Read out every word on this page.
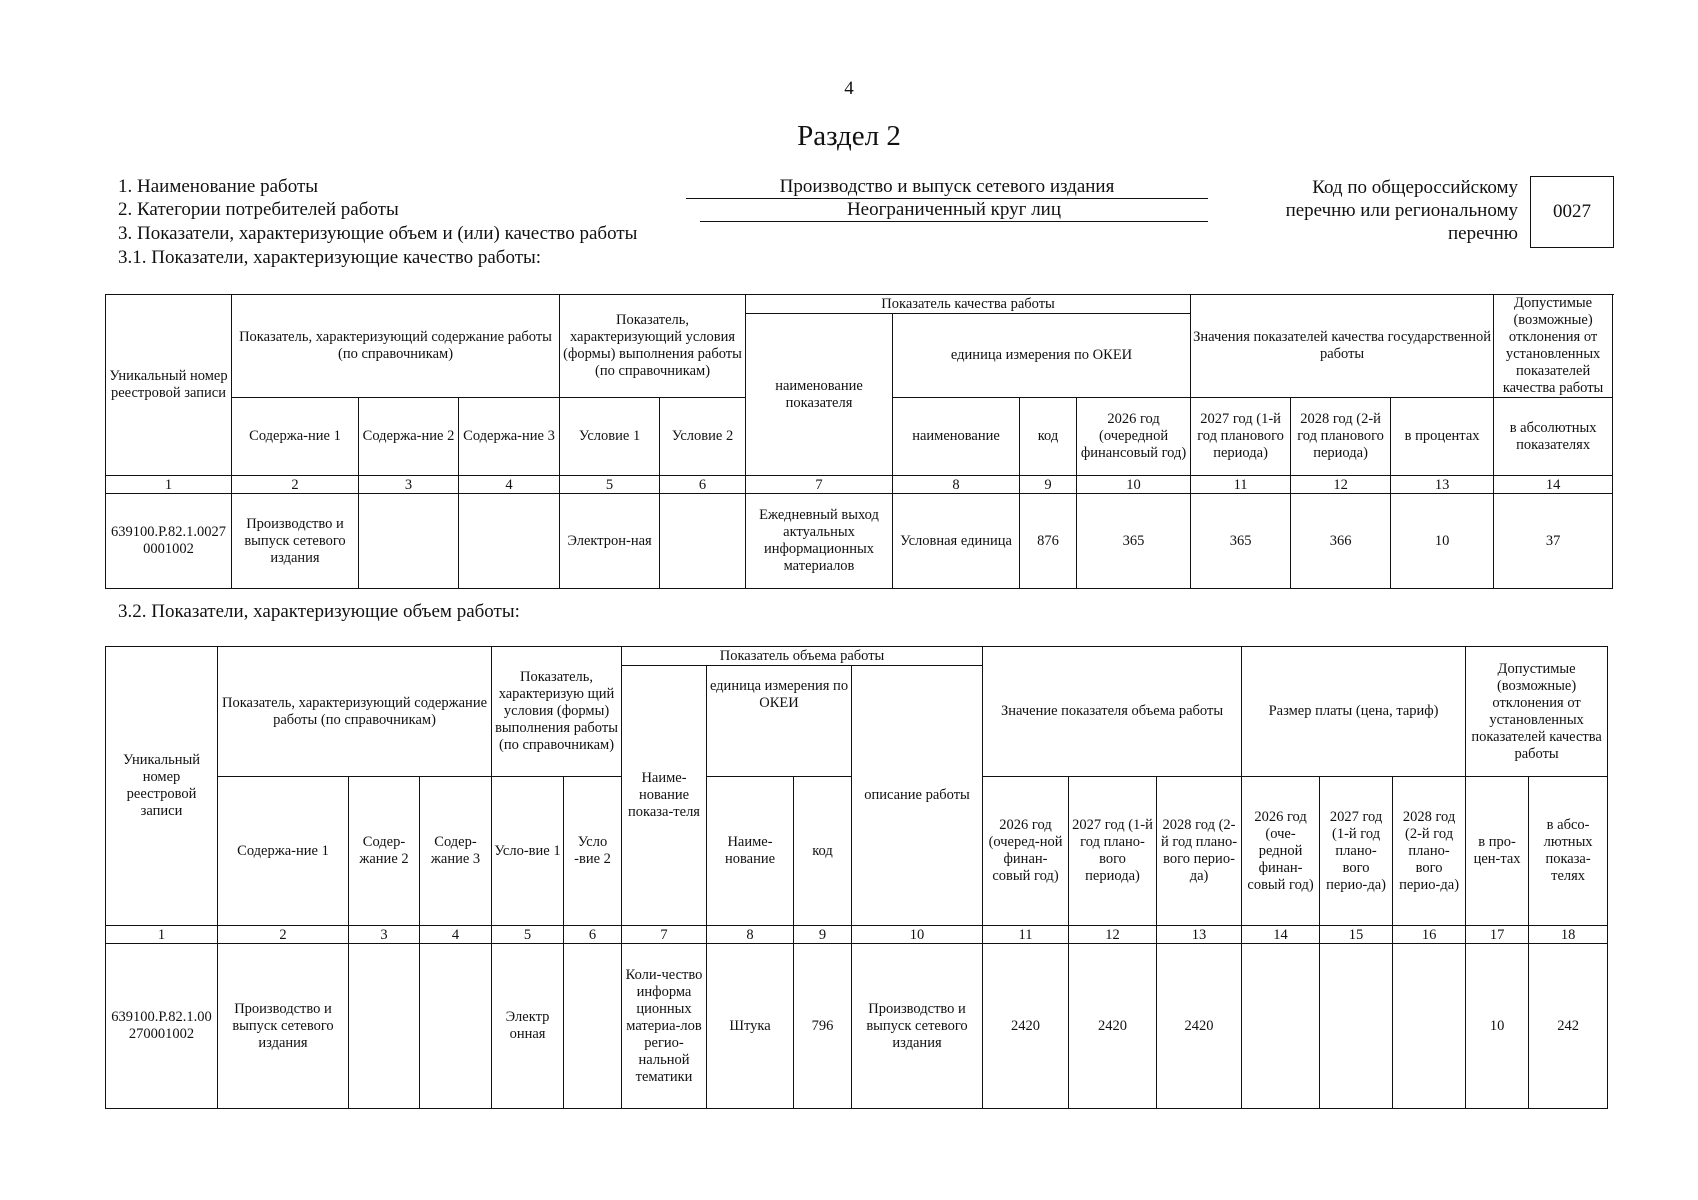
4
Раздел 2
1. Наименование работы	Производство и выпуск сетевого издания
2. Категории потребителей работы	Неограниченный круг лиц
3. Показатели, характеризующие объем и (или) качество работы
3.1. Показатели, характеризующие качество работы:
Код по общероссийскому
перечню или региональному
перечню
0027
Уникальный номер реестровой записи	Показатель, характеризующий содержание работы (по справочникам)			Показатель, характеризующий условия (формы) выполнения работы (по справочникам)		Показатель качества работы				Значения показателей качества государственной работы			Допустимые (возможные) отклонения от установленных показателей качества работы
						наименование показателя	единица измерения по ОКЕИ						
	Содержа-ние 1	Содержа-ние 2	Содержа-ние 3	Условие 1	Условие 2		наименование	код	2026 год (очередной финансовый год)	2027 год (1-й год планового периода)	2028 год (2-й год планового периода)	в процентах	в абсолютных показателях
1	2	3	4	5	6	7	8	9	10	11	12	13	14
639100.Р.82.1.00270001002	Производство и выпуск сетевого издания			Электрон-ная		Ежедневный выход актуальных информационных материалов	Условная единица	876	365	365	366	10	37
3.2. Показатели, характеризующие объем работы:
Уникальный номер реестровой записи	Показатель, характеризующий содержание работы (по справочникам)			Показатель, характеризую щий условия (формы) выполнения работы (по справочникам)		Показатель объема работы				Значение показателя объема работы			Размер платы (цена, тариф)			Допустимые (возможные) отклонения от установленных показателей качества работы	
						Наиме-нование показа-теля	единица измерения по ОКЕИ		описание работы								
	Содержа-ние 1	Содер-жание 2	Содер-жание 3	Усло-вие 1	Усло -вие 2		Наиме-нование	код		2026 год (очеред-ной финан-совый год)	2027 год (1-й год плано-вого периода)	2028 год (2-й год плано-вого перио-да)	2026 год (оче-редной финан-совый год)	2027 год (1-й год плано-вого перио-да)	2028 год (2-й год плано-вого перио-да)	в про-цен-тах	в абсо-лютных показа-телях
1	2	3	4	5	6	7	8	9	10	11	12	13	14	15	16	17	18
639100.Р.82.1.00270001002	Производство и выпуск сетевого издания			Электр онная		Коли-чество информа ционных материа-лов регио-нальной тематики	Штука	796	Производство и выпуск сетевого издания	2420	2420	2420				10	242
